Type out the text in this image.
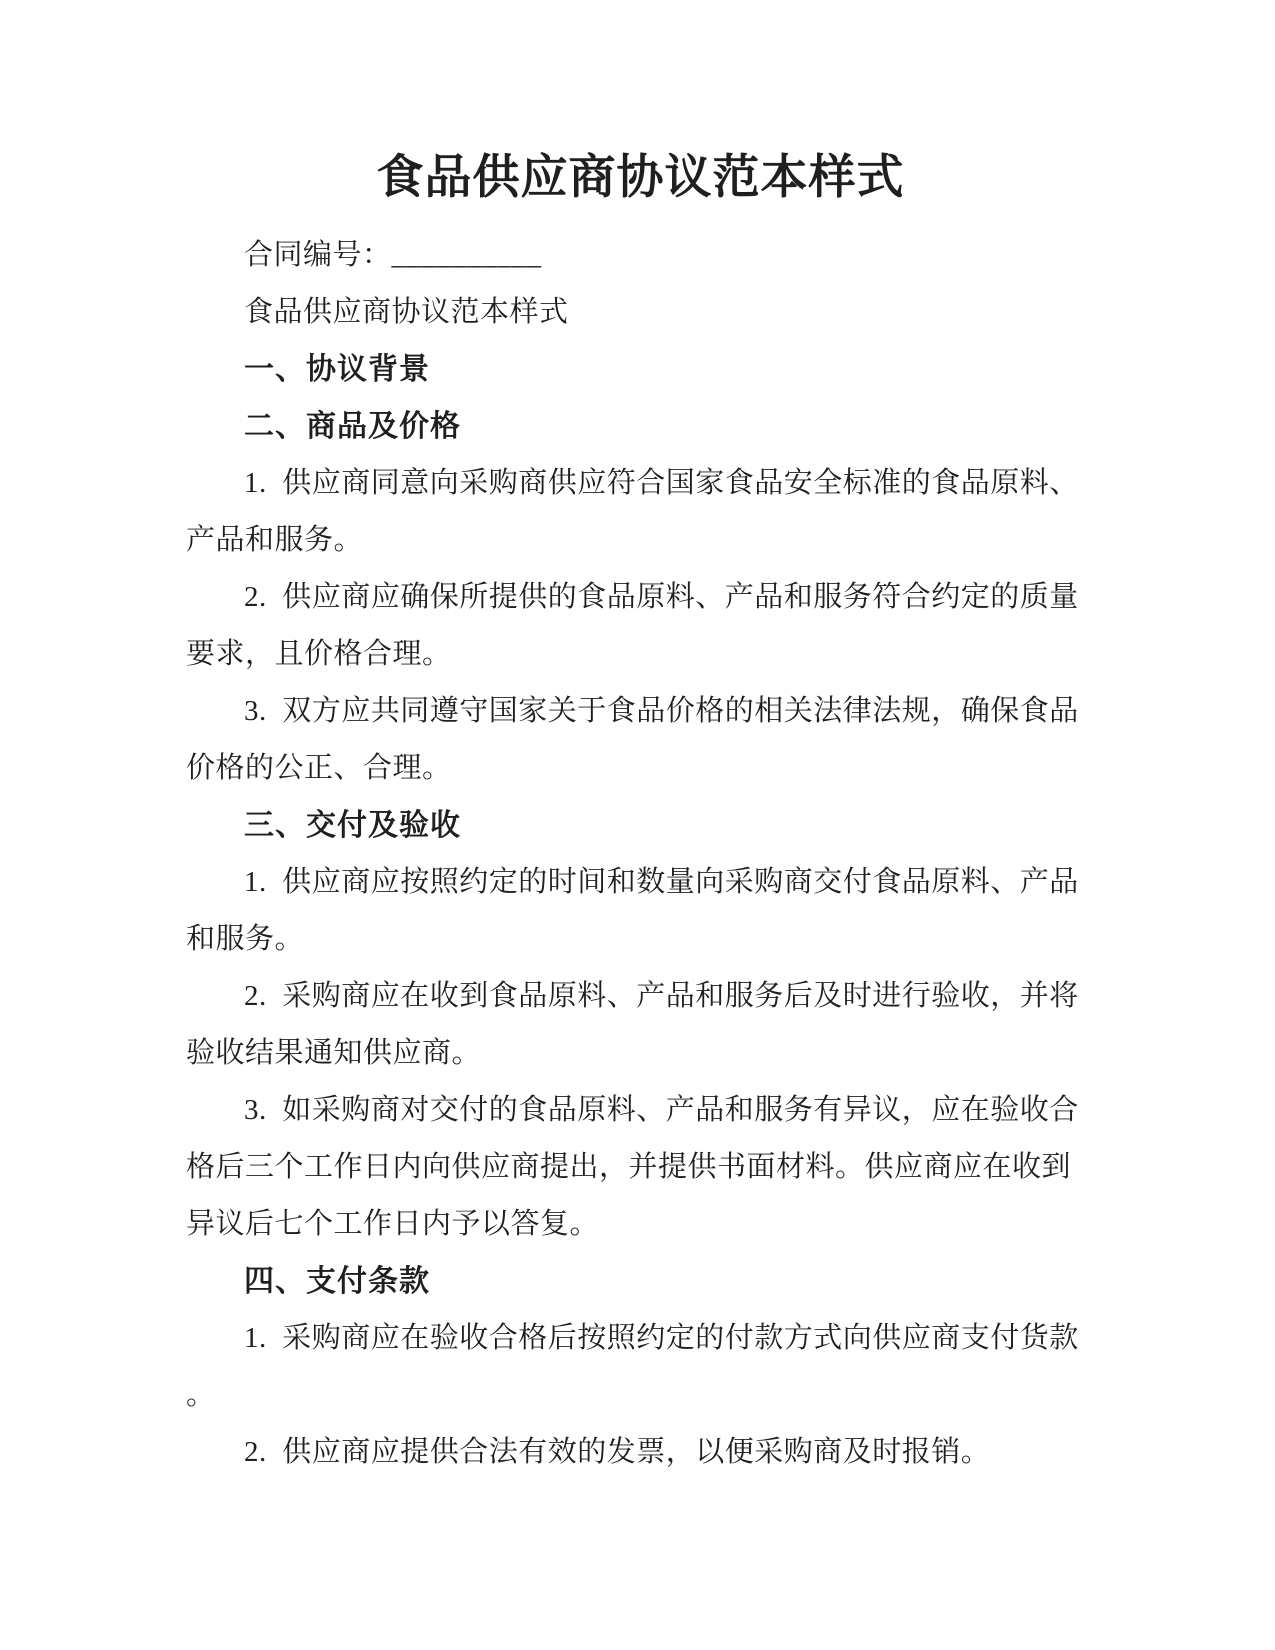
食品供应商协议范本样式
合同编号：__________
食品供应商协议范本样式
一、协议背景
二、商品及价格
1.  供应商同意向采购商供应符合国家食品安全标准的食品原料、
产品和服务。
2.  供应商应确保所提供的食品原料、产品和服务符合约定的质量
要求，且价格合理。
3.  双方应共同遵守国家关于食品价格的相关法律法规，确保食品
价格的公正、合理。
三、交付及验收
1.  供应商应按照约定的时间和数量向采购商交付食品原料、产品
和服务。
2.  采购商应在收到食品原料、产品和服务后及时进行验收，并将
验收结果通知供应商。
3.  如采购商对交付的食品原料、产品和服务有异议，应在验收合
格后三个工作日内向供应商提出，并提供书面材料。供应商应在收到
异议后七个工作日内予以答复。
四、支付条款
1.  采购商应在验收合格后按照约定的付款方式向供应商支付货款
。
2.  供应商应提供合法有效的发票，以便采购商及时报销。
